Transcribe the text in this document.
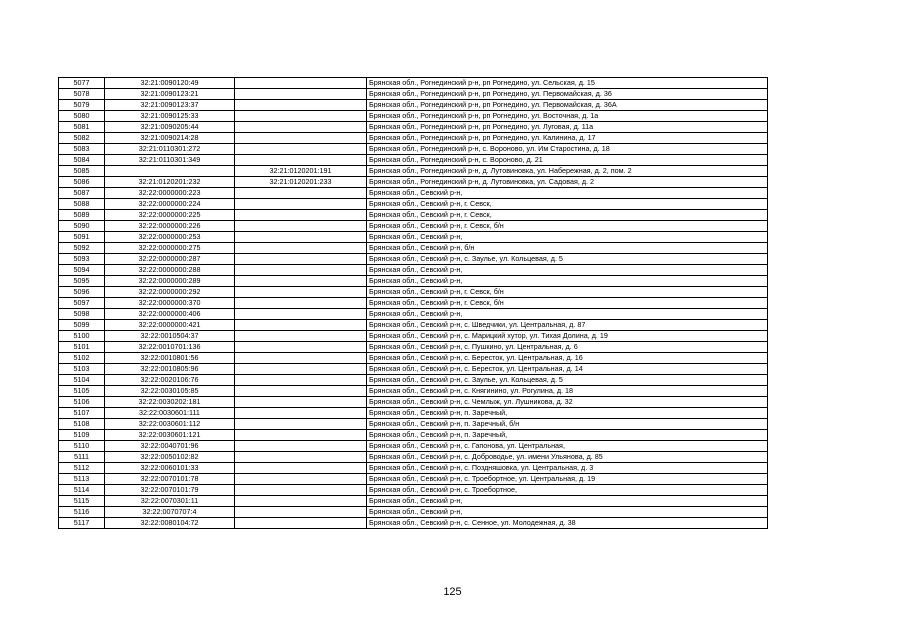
5077	32:21:0090120:49		Брянская обл., Рогнединский р-н, рп Рогнедино, ул. Сельская, д. 15
5078	32:21:0090123:21		Брянская обл., Рогнединский р-н, рп Рогнедино, ул. Первомайская, д. 36
5079	32:21:0090123:37		Брянская обл., Рогнединский р-н, рп Рогнедино, ул. Первомайская, д. 36А
5080	32:21:0090125:33		Брянская обл., Рогнединский р-н, рп Рогнедино, ул. Восточная, д. 1а
5081	32:21:0090205:44		Брянская обл., Рогнединский р-н, рп Рогнедино, ул. Луговая, д. 11а
5082	32:21:0090214:28		Брянская обл., Рогнединский р-н, рп Рогнедино, ул. Калинина, д. 17
5083	32:21:0110301:272		Брянская обл., Рогнединский р-н, с. Вороново, ул. Им Старостина, д. 18
5084	32:21:0110301:349		Брянская обл., Рогнединский р-н, с. Вороново, д. 21
5085		32:21:0120201:191	Брянская обл., Рогнединский р-н, д. Лутовиновка, ул. Набережная, д. 2, пом. 2
5086	32:21:0120201:232	32:21:0120201:233	Брянская обл., Рогнединский р-н, д. Лутовиновка, ул. Садовая, д. 2
5087	32:22:0000000:223		Брянская обл., Севский р-н,
5088	32:22:0000000:224		Брянская обл., Севский р-н, г. Севск,
5089	32:22:0000000:225		Брянская обл., Севский р-н, г. Севск,
5090	32:22:0000000:226		Брянская обл., Севский р-н, г. Севск, б/н
5091	32:22:0000000:253		Брянская обл., Севский р-н,
5092	32:22:0000000:275		Брянская обл., Севский р-н, б/н
5093	32:22:0000000:287		Брянская обл., Севский р-н, с. Заулье, ул. Кольцевая, д. 5
5094	32:22:0000000:288		Брянская обл., Севский р-н,
5095	32:22:0000000:289		Брянская обл., Севский р-н,
5096	32:22:0000000:292		Брянская обл., Севский р-н, г. Севск, б/н
5097	32:22:0000000:370		Брянская обл., Севский р-н, г. Севск, б/н
5098	32:22:0000000:406		Брянская обл., Севский р-н,
5099	32:22:0000000:421		Брянская обл., Севский р-н, с. Шведчики, ул. Центральная, д. 87
5100	32:22:0010504:37		Брянская обл., Севский р-н, с. Марицкий хутор, ул. Тихая Долина, д. 19
5101	32:22:0010701:136		Брянская обл., Севский р-н, с. Пушкино, ул. Центральная, д. 6
5102	32:22:0010801:56		Брянская обл., Севский р-н, с. Бересток, ул. Центральная, д. 16
5103	32:22:0010805:96		Брянская обл., Севский р-н, с. Бересток, ул. Центральная, д. 14
5104	32:22:0020106:76		Брянская обл., Севский р-н, с. Заулье, ул. Кольцевая, д. 5
5105	32:22:0030105:85		Брянская обл., Севский р-н, с. Княгинино, ул. Рогулина, д. 18
5106	32:22:0030202:181		Брянская обл., Севский р-н, с. Чемлыж, ул. Лушникова, д. 32
5107	32:22:0030601:111		Брянская обл., Севский р-н, п. Заречный,
5108	32:22:0030601:112		Брянская обл., Севский р-н, п. Заречный, б/н
5109	32:22:0030601:121		Брянская обл., Севский р-н, п. Заречный,
5110	32:22:0040701:96		Брянская обл., Севский р-н, с. Гапонова, ул. Центральная,
5111	32:22:0050102:82		Брянская обл., Севский р-н, с. Доброводье, ул. имени Ульянова, д. 85
5112	32:22:0060101:33		Брянская обл., Севский р-н, с. Поздняшовка, ул. Центральная, д. 3
5113	32:22:0070101:78		Брянская обл., Севский р-н, с. Троебортное, ул. Центральная, д. 19
5114	32:22:0070101:79		Брянская обл., Севский р-н, с. Троебортное,
5115	32:22:0070301:11		Брянская обл., Севский р-н,
5116	32:22:0070707:4		Брянская обл., Севский р-н,
5117	32:22:0080104:72		Брянская обл., Севский р-н, с. Сенное, ул. Молодежная, д. 38
125
